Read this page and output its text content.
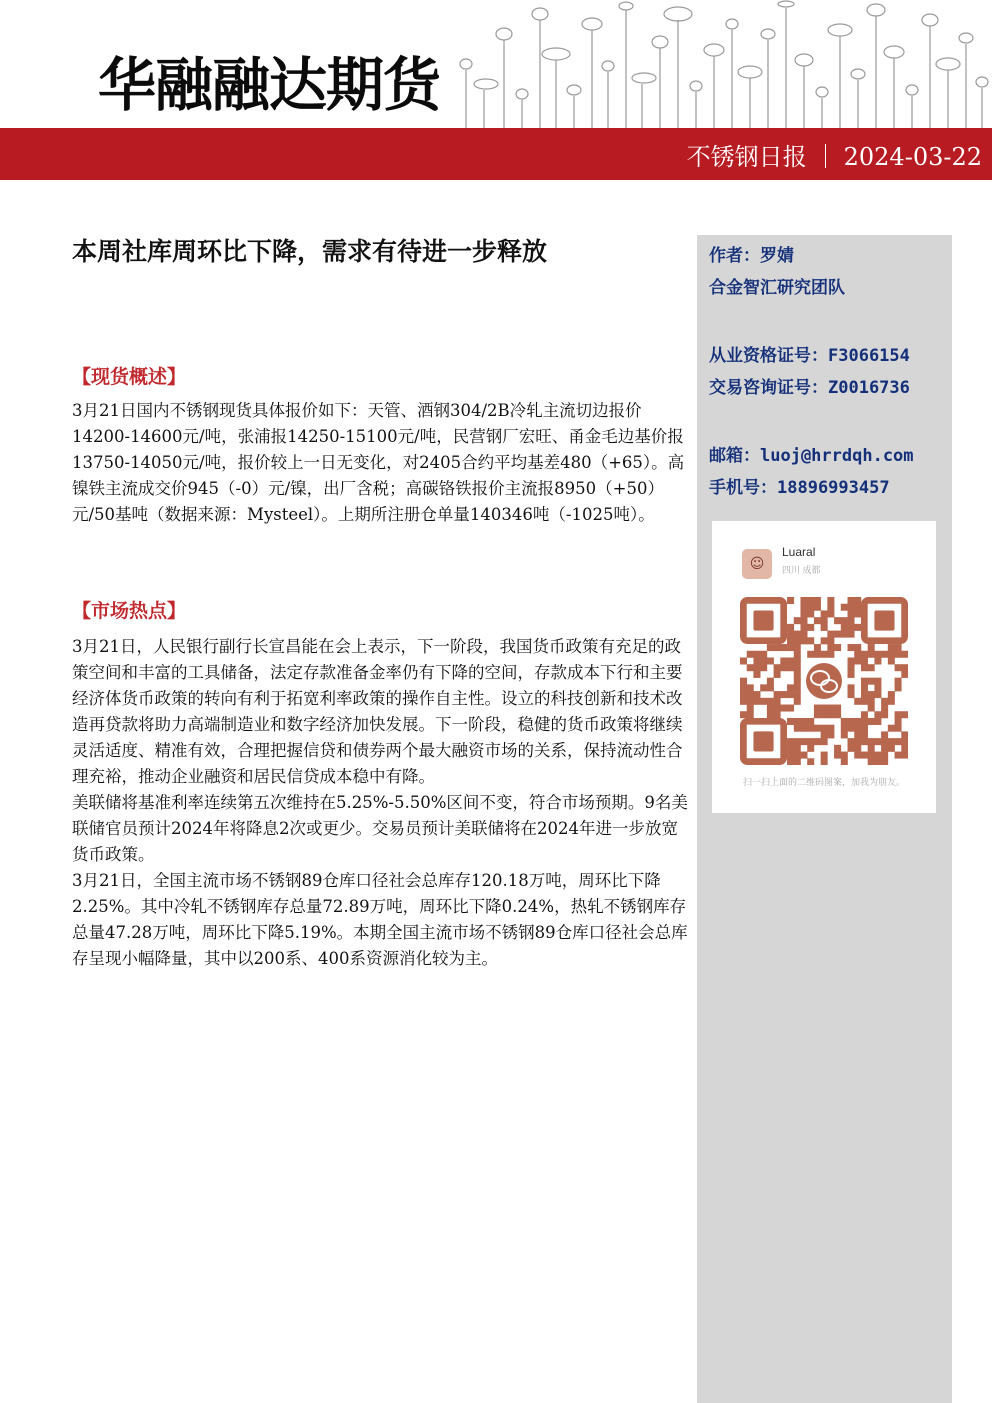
华融融达期货
不锈钢日报 2024-03-22
本周社库周环比下降，需求有待进一步释放	作者：罗婧
合金智汇研究团队
从业资格证号：F3066154
交易咨询证号：Z0016736
邮箱：luoj@hrrdqh.com
手机号：18896993457
☺
Luaral
四川 成都
扫一扫上面的二维码图案，加我为朋友。
【现货概述】

3月21日国内不锈钢现货具体报价如下：天管、酒钢304/2B冷轧主流切边报价14200-14600元/吨，张浦报14250-15100元/吨，民营钢厂宏旺、甬金毛边基价报13750-14050元/吨，报价较上一日无变化，对2405合约平均基差480（+65）。高镍铁主流成交价945（-0）元/镍，出厂含税；高碳铬铁报价主流报8950（+50）元/50基吨（数据来源：Mysteel）。上期所注册仓单量140346吨（-1025吨）。

【市场热点】

3月21日，人民银行副行长宣昌能在会上表示，下一阶段，我国货币政策有充足的政策空间和丰富的工具储备，法定存款准备金率仍有下降的空间，存款成本下行和主要经济体货币政策的转向有利于拓宽利率政策的操作自主性。设立的科技创新和技术改造再贷款将助力高端制造业和数字经济加快发展。下一阶段，稳健的货币政策将继续灵活适度、精准有效，合理把握信贷和债券两个最大融资市场的关系，保持流动性合理充裕，推动企业融资和居民信贷成本稳中有降。

美联储将基准利率连续第五次维持在5.25%-5.50%区间不变，符合市场预期。9名美联储官员预计2024年将降息2次或更少。交易员预计美联储将在2024年进一步放宽货币政策。

3月21日，全国主流市场不锈钢89仓库口径社会总库存120.18万吨，周环比下降2.25%。其中冷轧不锈钢库存总量72.89万吨，周环比下降0.24%，热轧不锈钢库存总量47.28万吨，周环比下降5.19%。本期全国主流市场不锈钢89仓库口径社会总库存呈现小幅降量，其中以200系、400系资源消化较为主。
